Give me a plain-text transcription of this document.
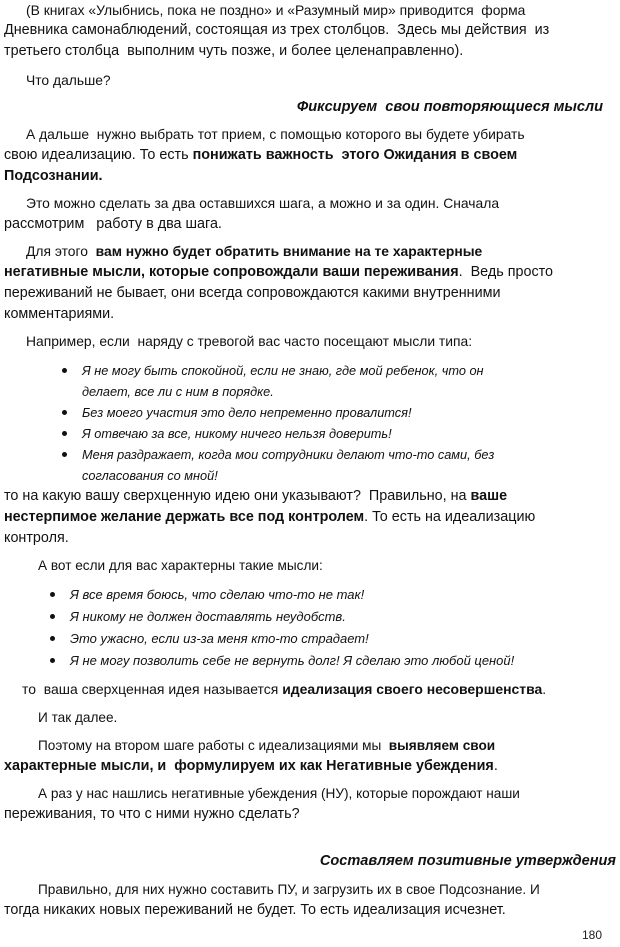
(В книгах «Улыбнись, пока не поздно» и «Разумный мир» приводится  форма
Дневника самонаблюдений, состоящая из трех столбцов.  Здесь мы действия  из
третьего столбца  выполним чуть позже, и более целенаправленно).
Что дальше?
Фиксируем  свои повторяющиеся мысли
А дальше  нужно выбрать тот прием, с помощью которого вы будете убирать
свою идеализацию. То есть понижать важность  этого Ожидания в своем
Подсознании.
Это можно сделать за два оставшихся шага, а можно и за один. Сначала
рассмотрим   работу в два шага.
Для этого  вам нужно будет обратить внимание на те характерные
негативные мысли, которые сопровождали ваши переживания.  Ведь просто
переживаний не бывает, они всегда сопровождаются какими внутренними
комментариями.
Например, если  наряду с тревогой вас часто посещают мысли типа:
Я не могу быть спокойной, если не знаю, где мой ребенок, что он
делает, все ли с ним в порядке.
Без моего участия это дело непременно провалится!
Я отвечаю за все, никому ничего нельзя доверить!
Меня раздражает, когда мои сотрудники делают что-то сами, без
согласования со мной!
то на какую вашу сверхценную идею они указывают?  Правильно, на ваше
нестерпимое желание держать все под контролем. То есть на идеализацию
контроля.
А вот если для вас характерны такие мысли:
Я все время боюсь, что сделаю что-то не так!
Я никому не должен доставлять неудобств.
Это ужасно, если из-за меня кто-то страдает!
Я не могу позволить себе не вернуть долг! Я сделаю это любой ценой!
то  ваша сверхценная идея называется идеализация своего несовершенства.
И так далее.
Поэтому на втором шаге работы с идеализациями мы  выявляем свои
характерные мысли, и  формулируем их как Негативные убеждения.
А раз у нас нашлись негативные убеждения (НУ), которые порождают наши
переживания, то что с ними нужно сделать?
Составляем позитивные утверждения
Правильно, для них нужно составить ПУ, и загрузить их в свое Подсознание. И
тогда никаких новых переживаний не будет. То есть идеализация исчезнет.
180
